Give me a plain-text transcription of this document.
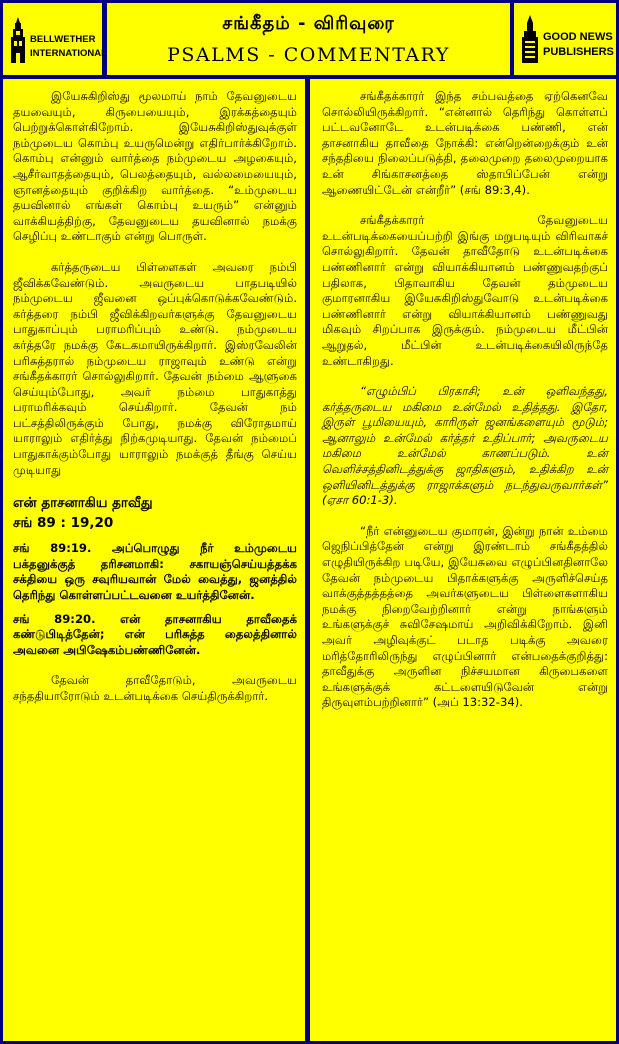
BELLWETHER
INTERNATIONAL
சங்கீதம் - விரிவுரை
PSALMS - COMMENTARY
GOOD NEWS
PUBLISHERS

இயேசுகிறிஸ்து மூலமாய் நாம் தேவனுடைய தயவையும், கிருபையையும், இரக்கத்தையும் பெற்றுக்கொள்கிறோம். இயேசுகிறிஸ்துவுக்குள் நம்முடைய கொம்பு உயருமென்று எதிர்பார்க்கிறோம். கொம்பு என்னும் வார்த்தை நம்முடைய அழகையும், ஆசீர்வாதத்தையும், பெலத்தையும், வல்லமையையும், ஞானத்தையும் குறிக்கிற வார்த்தை. “உம்முடைய தயவினால் எங்கள் கொம்பு உயரும்” என்னும் வாக்கியத்திற்கு, தேவனுடைய தயவினால் நமக்கு செழிப்பு உண்டாகும் என்று பொருள்.

கர்த்தருடைய பிள்ளைகள் அவரை நம்பி ஜீவிக்கவேண்டும். அவருடைய பாதபடியில் நம்முடைய ஜீவனை ஒப்புக்கொடுக்கவேண்டும். கர்த்தரை நம்பி ஜீவிக்கிறவர்களுக்கு தேவனுடைய பாதுகாப்பும் பராமரிப்பும் உண்டு. நம்முடைய கர்த்தரே நமக்கு கேடகமாயிருக்கிறார். இஸ்ரவேலின் பரிசுத்தரால் நம்முடைய ராஜாவும் உண்டு என்று சங்கீதக்காரர் சொல்லுகிறார். தேவன் நம்மை ஆளுகை செய்யும்போது, அவர் நம்மை பாதுகாத்து பராமரிக்கவும் செய்கிறார். தேவன் நம் பட்சத்திலிருக்கும் போது, நமக்கு விரோதமாய் யாராலும் எதிர்த்து நிற்கமுடியாது. தேவன் நம்மைப் பாதுகாக்கும்போது யாராலும் நமக்குத் தீங்கு செய்ய முடியாது

என் தாசனாகிய தாவீது
சங் 89 : 19,20

சங் 89:19. அப்பொழுது நீர் உம்முடைய பக்தனுக்குத் தரிசனமாகி: சகாயஞ்செய்யத்தக்க சக்தியை ஒரு சவுரியவான் மேல் வைத்து, ஜனத்தில் தெரிந்து கொள்ளப்பட்டவனை உயர்த்தினேன்.

சங் 89:20. என் தாசனாகிய தாவீதைக் கண்டுபிடித்தேன்; என் பரிசுத்த தைலத்தினால் அவனை அபிஷேகம்பண்ணினேன்.

தேவன் தாவீதோடும், அவருடைய சந்ததியாரோடும் உடன்படிக்கை செய்திருக்கிறார்.

சங்கீதக்காரர் இந்த சம்பவத்தை ஏற்கெனவே சொல்லியிருக்கிறார். “என்னால் தெரிந்து கொள்ளப் பட்டவனோடே உடன்படிக்கை பண்ணி, என் தாசனாகிய தாவீதை நோக்கி: என்றென்றைக்கும் உன் சந்ததியை நிலைப்படுத்தி, தலைமுறை தலைமுறையாக உன் சிங்காசனத்தை ஸ்தாபிப்பேன் என்று ஆணையிட்டேன் என்றீர்” (சங் 89:3,4).

சங்கீதக்காரர் தேவனுடைய உடன்படிக்கையைப்பற்றி இங்கு மறுபடியும் விரிவாகச் சொல்லுகிறார். தேவன் தாவீதோடு உடன்படிக்கை பண்ணினார் என்று வியாக்கியானம் பண்ணுவதற்குப் பதிலாக, பிதாவாகிய தேவன் தம்முடைய குமாரனாகிய இயேசுகிறிஸ்துவோடு உடன்படிக்கை பண்ணினார் என்று வியாக்கியானம் பண்ணுவது மிகவும் சிறப்பாக இருக்கும். நம்முடைய மீட்பின் ஆறுதல், மீட்பின் உடன்படிக்கையிலிருந்தே உண்டாகிறது.

“எழும்பிப் பிரகாசி; உன் ஒளிவந்தது, கர்த்தருடைய மகிமை உன்மேல் உதித்தது. இதோ, இருள் பூமியையும், காரிருள் ஜனங்களையும் மூடும்; ஆனாலும் உன்மேல் கர்த்தர் உதிப்பார்; அவருடைய மகிமை உன்மேல் காணப்படும். உன் வெளிச்சத்தினிடத்துக்கு ஜாதிகளும், உதிக்கிற உன் ஒளியினிடத்துக்கு ராஜாக்களும் நடந்துவருவார்கள்” (ஏசா 60:1-3).

“நீர் என்னுடைய குமாரன், இன்று நான் உம்மை ஜெநிப்பித்தேன் என்று இரண்டாம் சங்கீதத்தில் எழுதியிருக்கிற படியே, இயேசுவை எழுப்பினதினாலே தேவன் நம்முடைய பிதாக்களுக்கு அருளிச்செய்த வாக்குத்தத்தத்தை அவர்களுடைய பிள்ளைகளாகிய நமக்கு நிறைவேற்றினார் என்று நாங்களும் உங்களுக்குச் சுவிசேஷமாய் அறிவிக்கிறோம். இனி அவர் அழிவுக்குட் படாத படிக்கு அவரை மரித்தோரிலிருந்து எழுப்பினார் என்பதைக்குறித்து: தாவீதுக்கு அருளின நிச்சயமான கிருபைகளை உங்களுக்குக் கட்டளையிடுவேன் என்று திருவுளம்பற்றினார்” (அப் 13:32-34).
